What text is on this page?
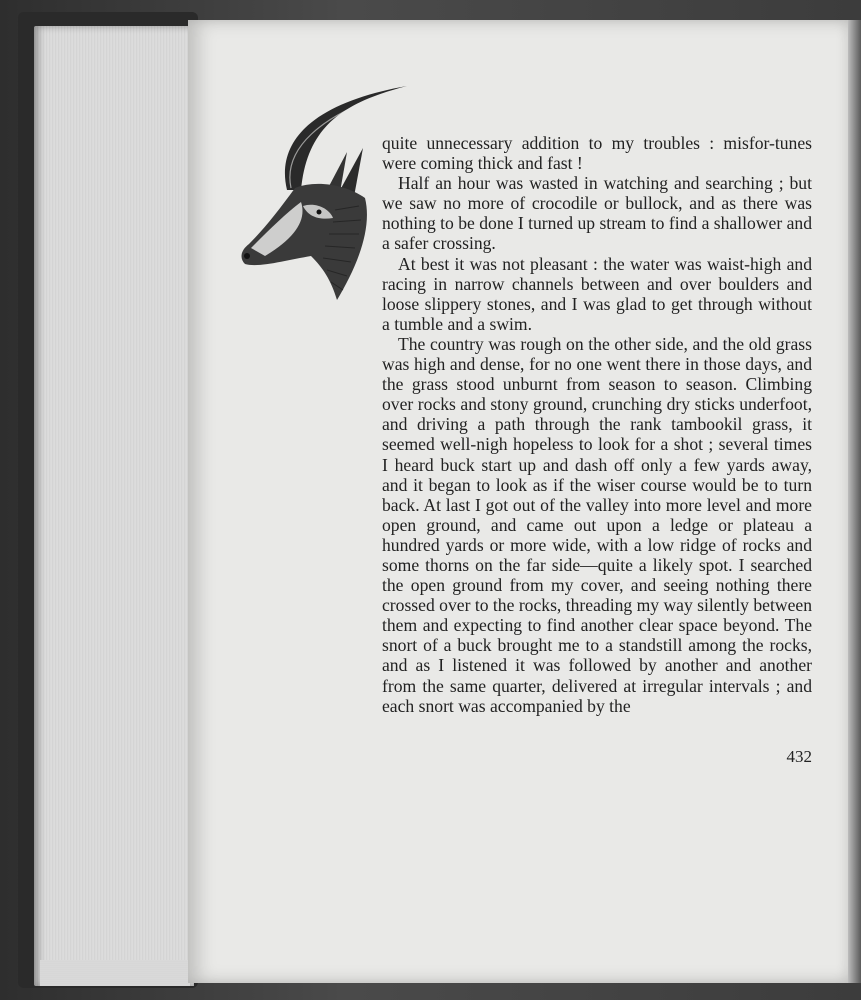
quite unnecessary addition to my troubles : misfor-tunes were coming thick and fast !

Half an hour was wasted in watching and searching ; but we saw no more of crocodile or bullock, and as there was nothing to be done I turned up stream to find a shallower and a safer crossing.

At best it was not pleasant : the water was waist-high and racing in narrow channels between and over boulders and loose slippery stones, and I was glad to get through without a tumble and a swim.

The country was rough on the other side, and the old grass was high and dense, for no one went there in those days, and the grass stood unburnt from season to season. Climbing over rocks and stony ground, crunching dry sticks underfoot, and driving a path through the rank tambookil grass, it seemed well-nigh hopeless to look for a shot ; several times I heard buck start up and dash off only a few yards away, and it began to look as if the wiser course would be to turn back. At last I got out of the valley into more level and more open ground, and came out upon a ledge or plateau a hundred yards or more wide, with a low ridge of rocks and some thorns on the far side—quite a likely spot. I searched the open ground from my cover, and seeing nothing there crossed over to the rocks, threading my way silently between them and expecting to find another clear space beyond. The snort of a buck brought me to a standstill among the rocks, and as I listened it was followed by another and another from the same quarter, delivered at irregular intervals ; and each snort was accompanied by the

432
